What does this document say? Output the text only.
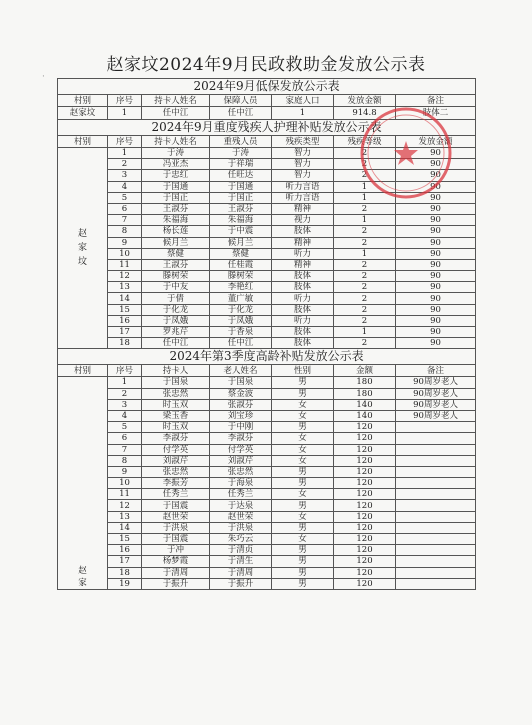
赵家坟2024年9月民政救助金发放公示表
2024年9月低保发放公示表						
村别	序号	持卡人姓名	保障人员	家庭人口	发放金额	备注
赵家坟	1	任中江	任中江	1	914.8	肢体二
2024年9月重度残疾人护理补贴发放公示表						
村别	序号	持卡人姓名	重残人员	残疾类型	残疾等级	发放金额

赵
家
坟	1	于涛	于涛	智力	2	90
	2	冯亚杰	于祥瑞	智力	2	90
	3	于忠红	任旺达	智力	2	90
	4	于国通	于国通	听力言语	1	90
	5	于国正	于国正	听力言语	1	90
	6	王淑芬	王淑芬	精神	2	90
	7	朱福海	朱福海	视力	1	90
	8	杨长莲	于中震	肢体	2	90
	9	候月兰	候月兰	精神	2	90
	10	蔡健	蔡健	听力	1	90
	11	王淑芬	任桂霞	精神	2	90
	12	滕树荣	滕树荣	肢体	2	90
	13	于中友	李艳红	肢体	2	90
	14	于倩	董广敏	听力	2	90
	15	于化龙	于化龙	肢体	2	90
	16	于凤娥	于凤娥	听力	2	90
	17	罗兆芹	于香泉	肢体	1	90
	18	任中江	任中江	肢体	2	90
2024年第3季度高龄补贴发放公示表						
村别	序号	持卡人	老人姓名	性别	金额	备注

赵
家	1	于国泉	于国泉	男	180	90周岁老人
	2	张忠然	蔡金波	男	180	90周岁老人
	3	时玉双	张淑芬	女	140	90周岁老人
	4	梁玉香	刘宝珍	女	140	90周岁老人
	5	时玉双	于中刚	男	120	
	6	李淑芬	李淑芬	女	120	
	7	付学英	付学英	女	120	
	8	刘淑芹	刘淑芹	女	120	
	9	张忠然	张忠然	男	120	
	10	李振芳	于海泉	男	120	
	11	任秀兰	任秀兰	女	120	
	12	于国震	于达泉	男	120	
	13	赵世荣	赵世荣	女	120	
	14	于洪泉	于洪泉	男	120	
	15	于国震	朱巧云	女	120	
	16	于冲	于清贞	男	120	
	17	杨梦霞	于清生	男	120	
	18	于清周	于清周	男	120	
	19	于振升	于振升	男	120	
·
